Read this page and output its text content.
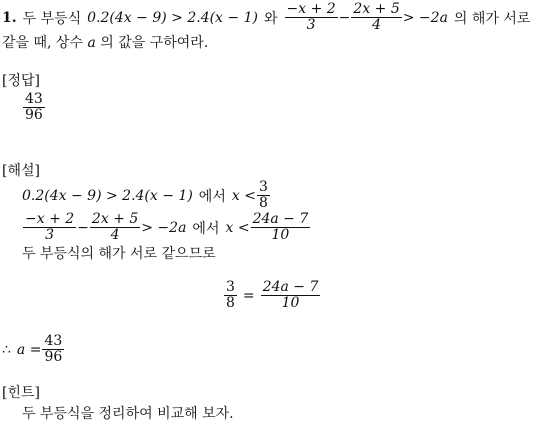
1. 두 부등식 0.2(4x − 9) > 2.4(x − 1) 와 $\frac{-x + 2}{3} - \frac{2x + 5}{4} > -2a$ 의 해가 서로
같을 때, 상수 a 의 값을 구하여라.
[정답]
$\frac{43}{96}$
[해설]
0.2(4x − 9) > 2.4(x − 1) 에서 $x < \frac{3}{8}$
$\frac{-x + 2}{3} - \frac{2x + 5}{4} > -2a$ 에서 $x < \frac{24a - 7}{10}$
두 부등식의 해가 서로 같으므로
$\frac{3}{8} = \frac{24a - 7}{10}$
∴ $a = \frac{43}{96}$
[힌트]
두 부등식을 정리하여 비교해 보자.
